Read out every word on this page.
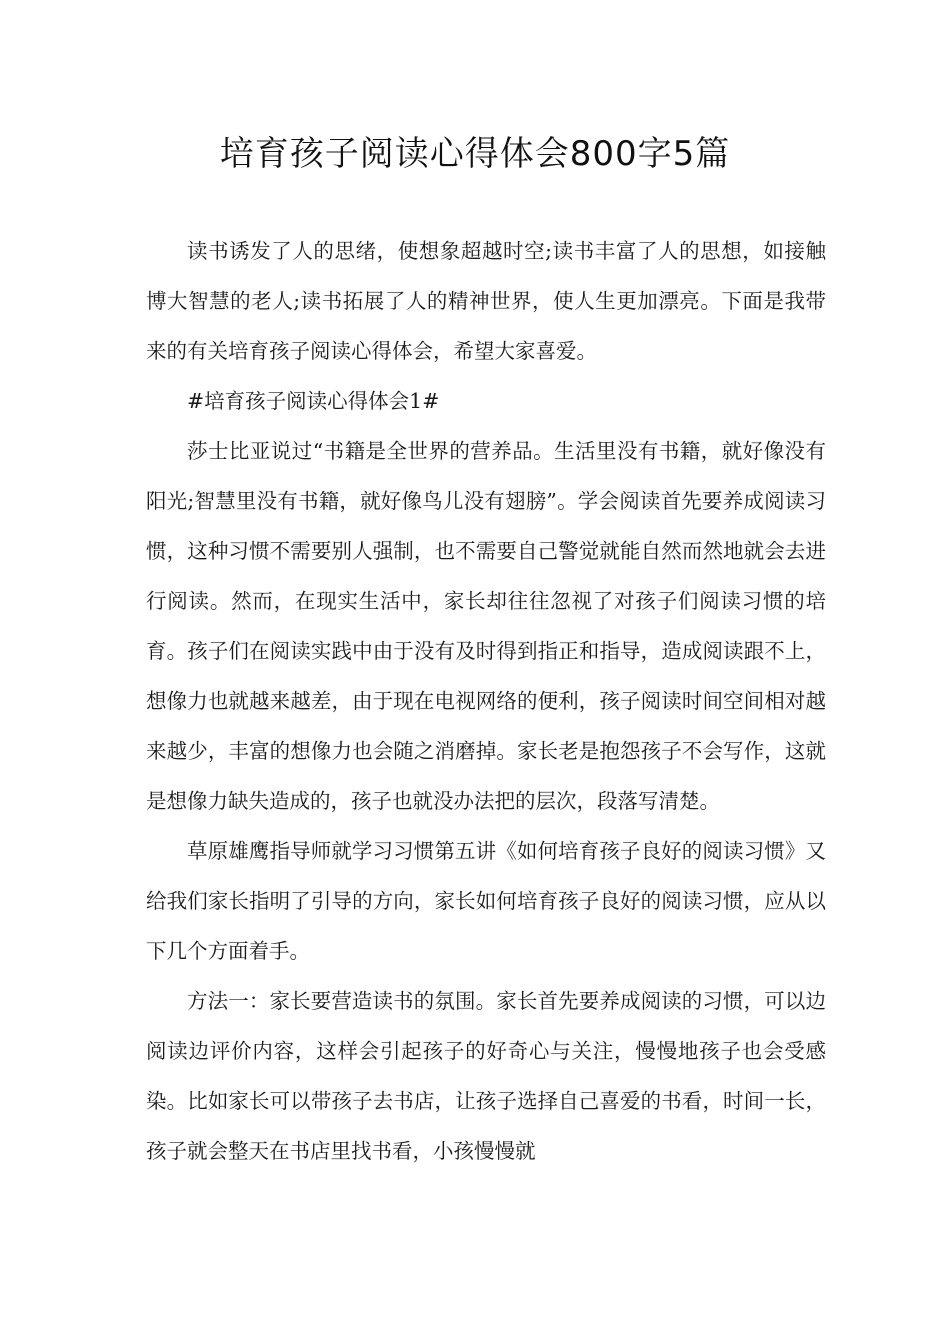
培育孩子阅读心得体会800字5篇

读书诱发了人的思绪，使想象超越时空;读书丰富了人的思想，如接触博大智慧的老人;读书拓展了人的精神世界，使人生更加漂亮。下面是我带来的有关培育孩子阅读心得体会，希望大家喜爱。

#培育孩子阅读心得体会1#

莎士比亚说过“书籍是全世界的营养品。生活里没有书籍，就好像没有阳光;智慧里没有书籍，就好像鸟儿没有翅膀”。学会阅读首先要养成阅读习惯，这种习惯不需要别人强制，也不需要自己警觉就能自然而然地就会去进行阅读。然而，在现实生活中，家长却往往忽视了对孩子们阅读习惯的培育。孩子们在阅读实践中由于没有及时得到指正和指导，造成阅读跟不上，想像力也就越来越差，由于现在电视网络的便利，孩子阅读时间空间相对越来越少，丰富的想像力也会随之消磨掉。家长老是抱怨孩子不会写作，这就是想像力缺失造成的，孩子也就没办法把的层次，段落写清楚。

草原雄鹰指导师就学习习惯第五讲《如何培育孩子良好的阅读习惯》又给我们家长指明了引导的方向，家长如何培育孩子良好的阅读习惯，应从以下几个方面着手。

方法一：家长要营造读书的氛围。家长首先要养成阅读的习惯，可以边阅读边评价内容，这样会引起孩子的好奇心与关注，慢慢地孩子也会受感染。比如家长可以带孩子去书店，让孩子选择自己喜爱的书看，时间一长，孩子就会整天在书店里找书看，小孩慢慢就
